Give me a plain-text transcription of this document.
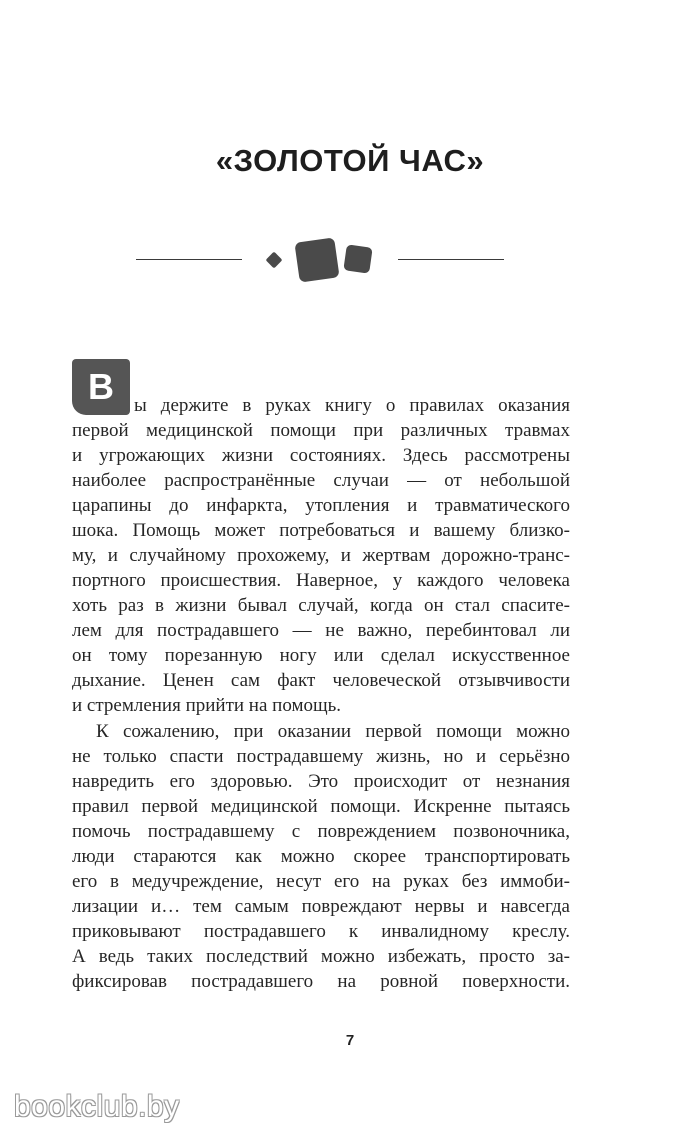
«ЗОЛОТОЙ ЧАС»
В	ы держите в руках книгу о правилах оказания

первой медицинской помощи при различных травмах

и угрожающих жизни состояниях. Здесь рассмотрены

наиболее распространённые случаи — от небольшой

царапины до инфаркта, утопления и травматического

шока. Помощь может потребоваться и вашему близко-

му, и случайному прохожему, и жертвам дорожно-транс-

портного происшествия. Наверное, у каждого человека

хоть раз в жизни бывал случай, когда он стал спасите-

лем для пострадавшего — не важно, перебинтовал ли

он тому порезанную ногу или сделал искусственное

дыхание. Ценен сам факт человеческой отзывчивости

и стремления прийти на помощь.

К сожалению, при оказании первой помощи можно

не только спасти пострадавшему жизнь, но и серьёзно

навредить его здоровью. Это происходит от незнания

правил первой медицинской помощи. Искренне пытаясь

помочь пострадавшему с повреждением позвоночника,

люди стараются как можно скорее транспортировать

его в медучреждение, несут его на руках без иммоби-

лизации и… тем самым повреждают нервы и навсегда

приковывают пострадавшего к инвалидному креслу.

А ведь таких последствий можно избежать, просто за-

фиксировав пострадавшего на ровной поверхности.

7
bookclub.by
